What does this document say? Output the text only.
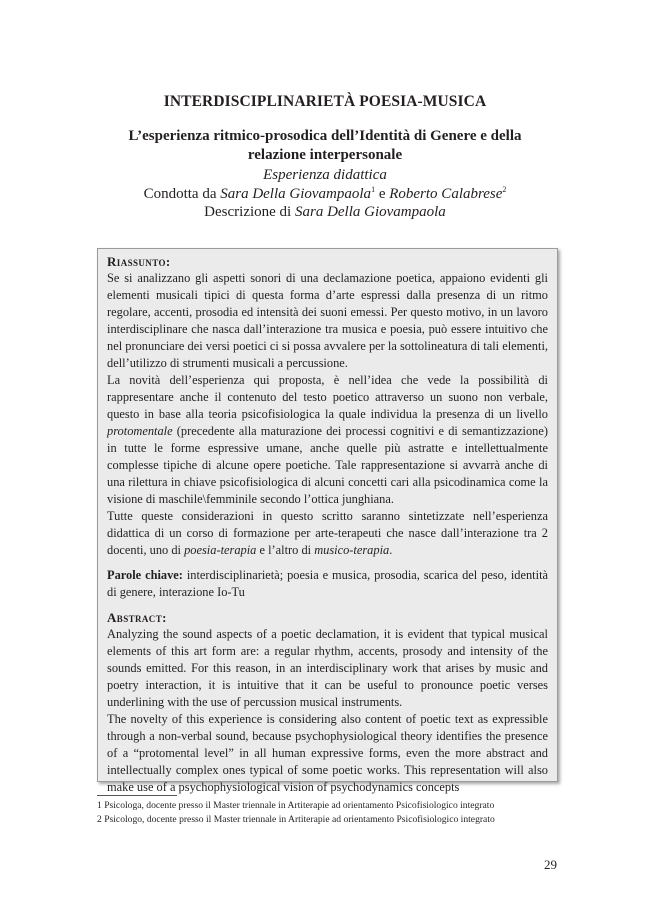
INTERDISCIPLINARIETÀ POESIA-MUSICA
L’esperienza ritmico-prosodica dell’Identità di Genere e della relazione interpersonale
Esperienza didattica
Condotta da Sara Della Giovampaola$^1$ e Roberto Calabrese$^2$
Descrizione di Sara Della Giovampaola
Riassunto:

Se si analizzano gli aspetti sonori di una declamazione poetica, appaiono evidenti gli elementi musicali tipici di questa forma d’arte espressi dalla presenza di un ritmo regolare, accenti, prosodia ed intensità dei suoni emessi. Per questo motivo, in un lavoro interdisciplinare che nasca dall’interazione tra musica e poesia, può essere intuitivo che nel pronunciare dei versi poetici ci si possa avvalere per la sottolineatura di tali elementi, dell’utilizzo di strumenti musicali a percussione.

La novità dell’esperienza qui proposta, è nell’idea che vede la possibilità di rappresentare anche il contenuto del testo poetico attraverso un suono non verbale, questo in base alla teoria psicofisiologica la quale individua la presenza di un livello protomentale (precedente alla maturazione dei processi cognitivi e di semantizzazione) in tutte le forme espressive umane, anche quelle più astratte e intellettualmente complesse tipiche di alcune opere poetiche. Tale rappresentazione si avvarrà anche di una rilettura in chiave psicofisiologica di alcuni concetti cari alla psicodinamica come la visione di maschile\femminile secondo l’ottica junghiana.

Tutte queste considerazioni in questo scritto saranno sintetizzate nell’esperienza didattica di un corso di formazione per arte-terapeuti che nasce dall’interazione tra 2 docenti, uno di poesia-terapia e l’altro di musico-terapia.

Parole chiave: interdisciplinarietà; poesia e musica, prosodia, scarica del peso, identità di genere, interazione Io-Tu

Abstract:

Analyzing the sound aspects of a poetic declamation, it is evident that typical musical elements of this art form are: a regular rhythm, accents, prosody and intensity of the sounds emitted. For this reason, in an interdisciplinary work that arises by music and poetry interaction, it is intuitive that it can be useful to pronounce poetic verses underlining with the use of percussion musical instruments.

The novelty of this experience is considering also content of poetic text as expressible through a non-verbal sound, because psychophysiological theory identifies the presence of a “protomental level” in all human expressive forms, even the more abstract and intellectually complex ones typical of some poetic works. This representation will also make use of a psychophysiological vision of psychodynamics concepts

1 Psicologa, docente presso il Master triennale in Artiterapie ad orientamento Psicofisiologico integrato
2 Psicologo, docente presso il Master triennale in Artiterapie ad orientamento Psicofisiologico integrato
29
